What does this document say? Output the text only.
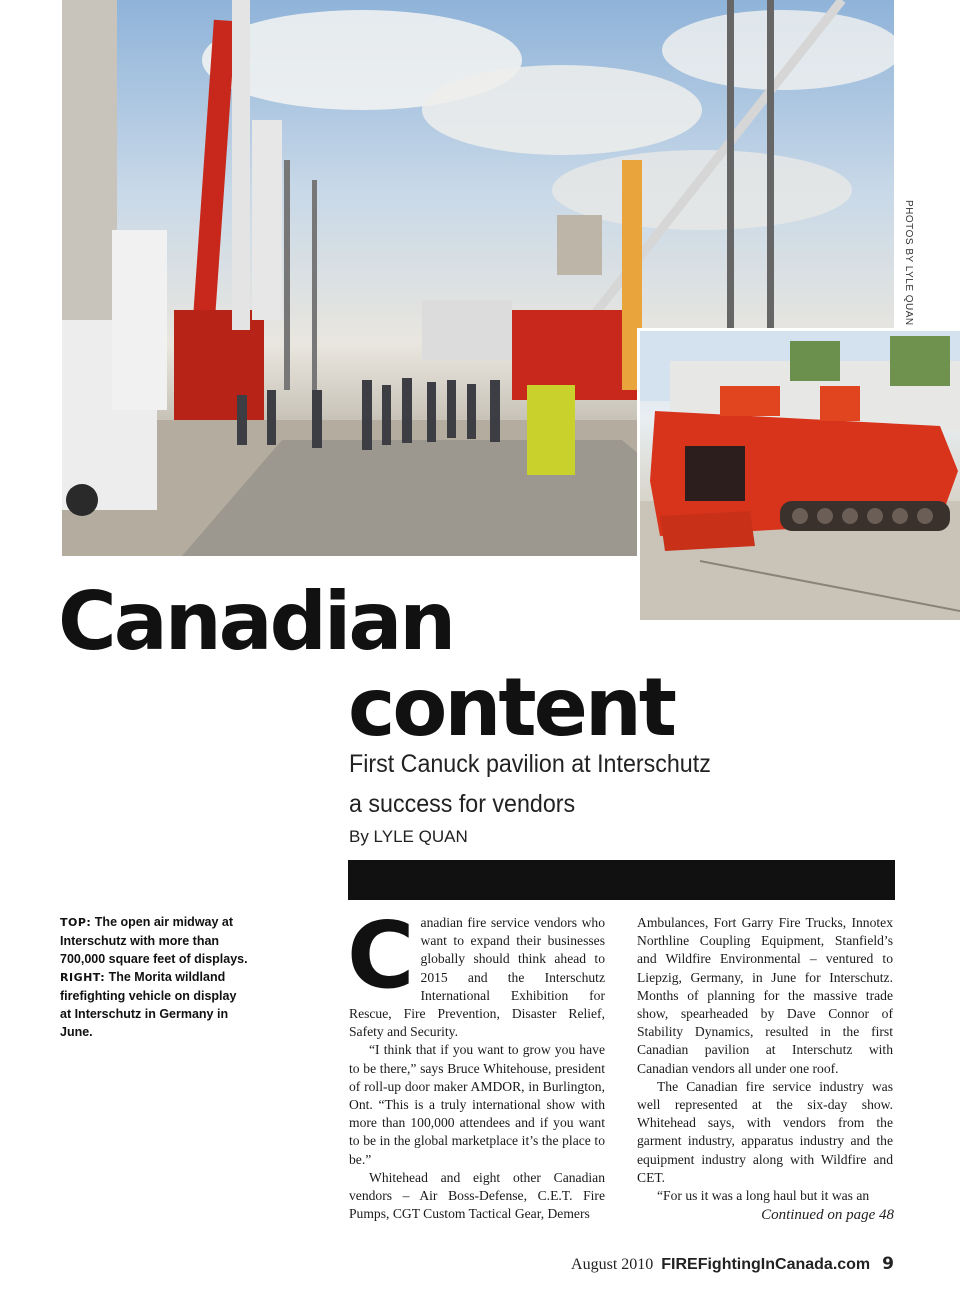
PHOTOS BY LYLE QUAN
Canadian
content
First Canuck pavilion at Interschutz
a success for vendors
By LYLE QUAN
TOP: The open air midway at Interschutz with more than 700,000 square feet of displays.
RIGHT: The Morita wildland firefighting vehicle on display at Interschutz in Germany in June.
C anadian fire service vendors who want to expand their businesses globally should think ahead to 2015 and the Interschutz International Exhibition for Rescue, Fire Prevention, Disaster Relief, Safety and Security.

“I think that if you want to grow you have to be there,” says Bruce Whitehouse, president of roll-up door maker AMDOR, in Burlington, Ont. “This is a truly international show with more than 100,000 attendees and if you want to be in the global marketplace it’s the place to be.”

Whitehead and eight other Canadian vendors – Air Boss-Defense, C.E.T. Fire Pumps, CGT Custom Tactical Gear, Demers

Ambulances, Fort Garry Fire Trucks, Innotex Northline Coupling Equipment, Stanfield’s and Wildfire Environmental – ventured to Liepzig, Germany, in June for Interschutz. Months of planning for the massive trade show, spearheaded by Dave Connor of Stability Dynamics, resulted in the first Canadian pavilion at Interschutz with Canadian vendors all under one roof.

The Canadian fire service industry was well represented at the six-day show. Whitehead says, with vendors from the garment industry, apparatus industry and the equipment industry along with Wildfire and CET.

“For us it was a long haul but it was an

Continued on page 48
August 2010 FIREFightingInCanada.com 9
